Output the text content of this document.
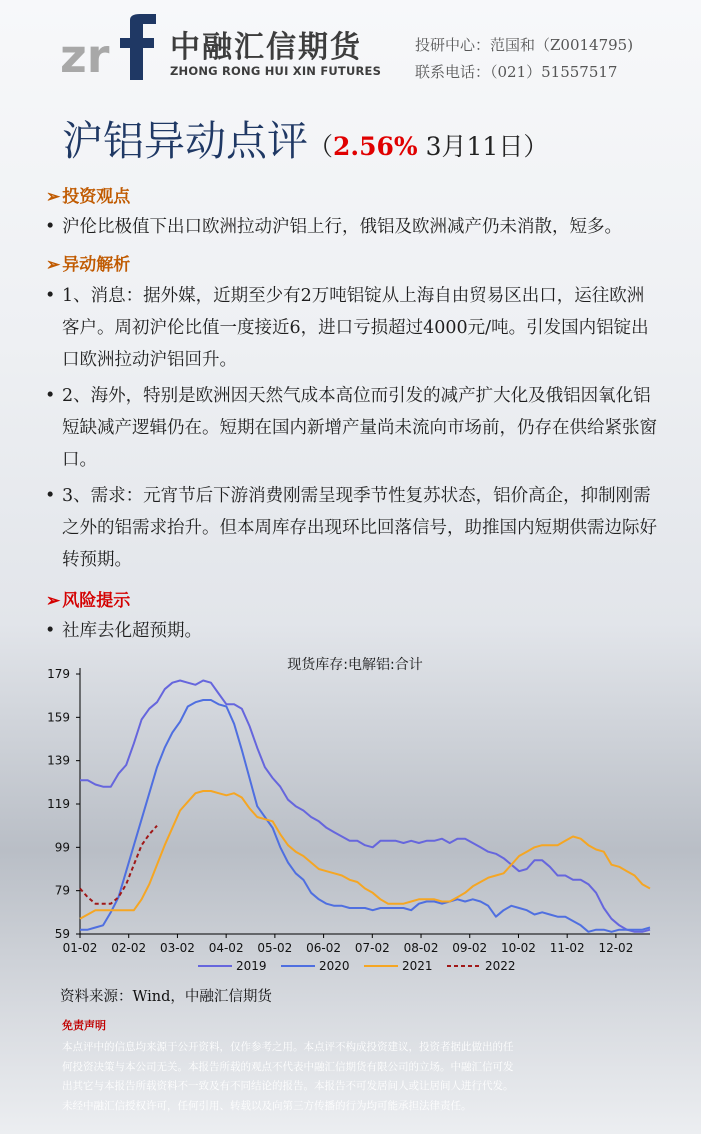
zr 中融汇信期货
ZHONG RONG HUI XIN FUTURES
投研中心：范国和（Z0014795)
联系电话：（021）51557517
沪铝异动点评（2.56% 3月11日）
➢ 投资观点
• 沪伦比极值下出口欧洲拉动沪铝上行，俄铝及欧洲减产仍未消散，短多。
➢ 异动解析
• 1、消息：据外媒，近期至少有2万吨铝锭从上海自由贸易区出口，运往欧洲客户。周初沪伦比值一度接近6，进口亏损超过4000元/吨。引发国内铝锭出口欧洲拉动沪铝回升。
• 2、海外，特别是欧洲因天然气成本高位而引发的减产扩大化及俄铝因氧化铝短缺减产逻辑仍在。短期在国内新增产量尚未流向市场前，仍存在供给紧张窗口。
• 3、需求：元宵节后下游消费刚需呈现季节性复苏状态，铝价高企，抑制刚需之外的铝需求抬升。但本周库存出现环比回落信号，助推国内短期供需边际好转预期。
➢ 风险提示
• 社库去化超预期。
现货库存:电解铝:合计
179
159
139
119
99
79
59
01-02 02-02 03-02 04-02 05-02 06-02 07-02 08-02 09-02 10-02 11-02 12-02
2019	2020	2021	2022
资料来源：Wind，中融汇信期货
免责声明
本点评中的信息均来源于公开资料，仅作参考之用。本点评不构成投资建议，投资者据此做出的任
何投资决策与本公司无关。本报告所载的观点不代表中融汇信期货有限公司的立场。中融汇信可发
出其它与本报告所载资料不一致及有不同结论的报告。本报告不可发居间人或让居间人进行代发。
未经中融汇信授权许可，任何引用、转载以及向第三方传播的行为均可能承担法律责任。
